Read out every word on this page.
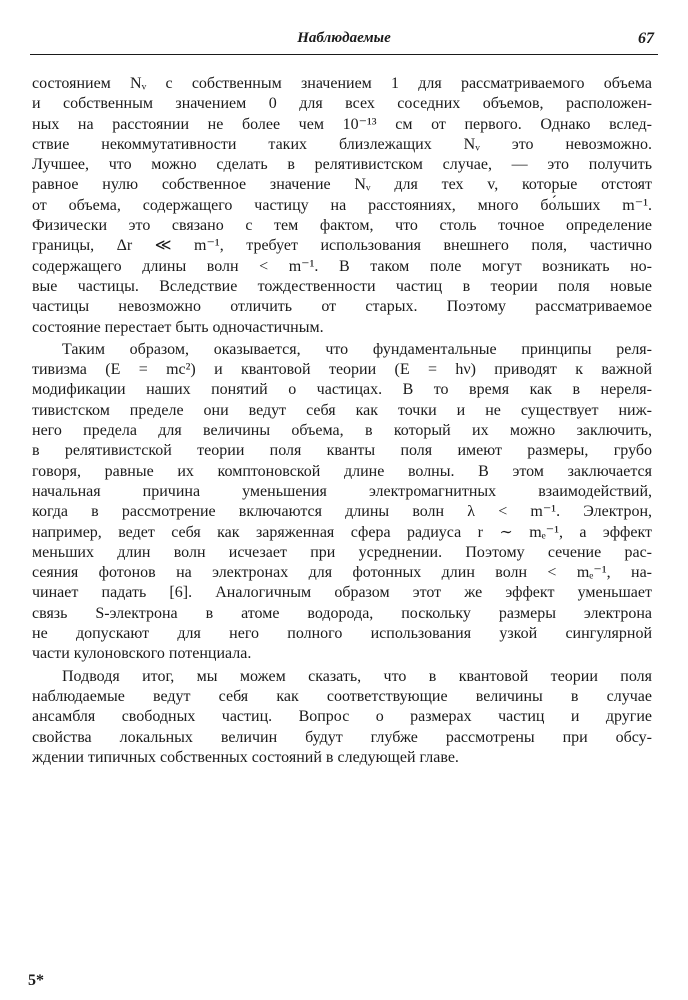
Наблюдаемые	67
состоянием Nᵥ с собственным значением 1 для рассматриваемого объема
и собственным значением 0 для всех соседних объемов, расположен-
ных на расстоянии не более чем 10⁻¹³ см от первого. Однако вслед-
ствие некоммутативности таких близлежащих Nᵥ это невозможно.
Лучшее, что можно сделать в релятивистском случае, — это получить
равное нулю собственное значение Nᵥ для тех v, которые отстоят
от объема, содержащего частицу на расстояниях, много бо́льших m⁻¹.
Физически это связано с тем фактом, что столь точное определение
границы, Δr ≪ m⁻¹, требует использования внешнего поля, частично
содержащего длины волн < m⁻¹. В таком поле могут возникать но-
вые частицы. Вследствие тождественности частиц в теории поля новые
частицы невозможно отличить от старых. Поэтому рассматриваемое
состояние перестает быть одночастичным.
Таким образом, оказывается, что фундаментальные принципы реля-
тивизма (E = mc²) и квантовой теории (E = hν) приводят к важной
модификации наших понятий о частицах. В то время как в нереля-
тивистском пределе они ведут себя как точки и не существует ниж-
него предела для величины объема, в который их можно заключить,
в релятивистской теории поля кванты поля имеют размеры, грубо
говоря, равные их комптоновской длине волны. В этом заключается
начальная причина уменьшения электромагнитных взаимодействий,
когда в рассмотрение включаются длины волн λ < m⁻¹. Электрон,
например, ведет себя как заряженная сфера радиуса r ∼ mₑ⁻¹, а эффект
меньших длин волн исчезает при усреднении. Поэтому сечение рас-
сеяния фотонов на электронах для фотонных длин волн < mₑ⁻¹, на-
чинает падать [6]. Аналогичным образом этот же эффект уменьшает
связь S-электрона в атоме водорода, поскольку размеры электрона
не допускают для него полного использования узкой сингулярной
части кулоновского потенциала.
Подводя итог, мы можем сказать, что в квантовой теории поля
наблюдаемые ведут себя как соответствующие величины в случае
ансамбля свободных частиц. Вопрос о размерах частиц и другие
свойства локальных величин будут глубже рассмотрены при обсу-
ждении типичных собственных состояний в следующей главе.
5*
